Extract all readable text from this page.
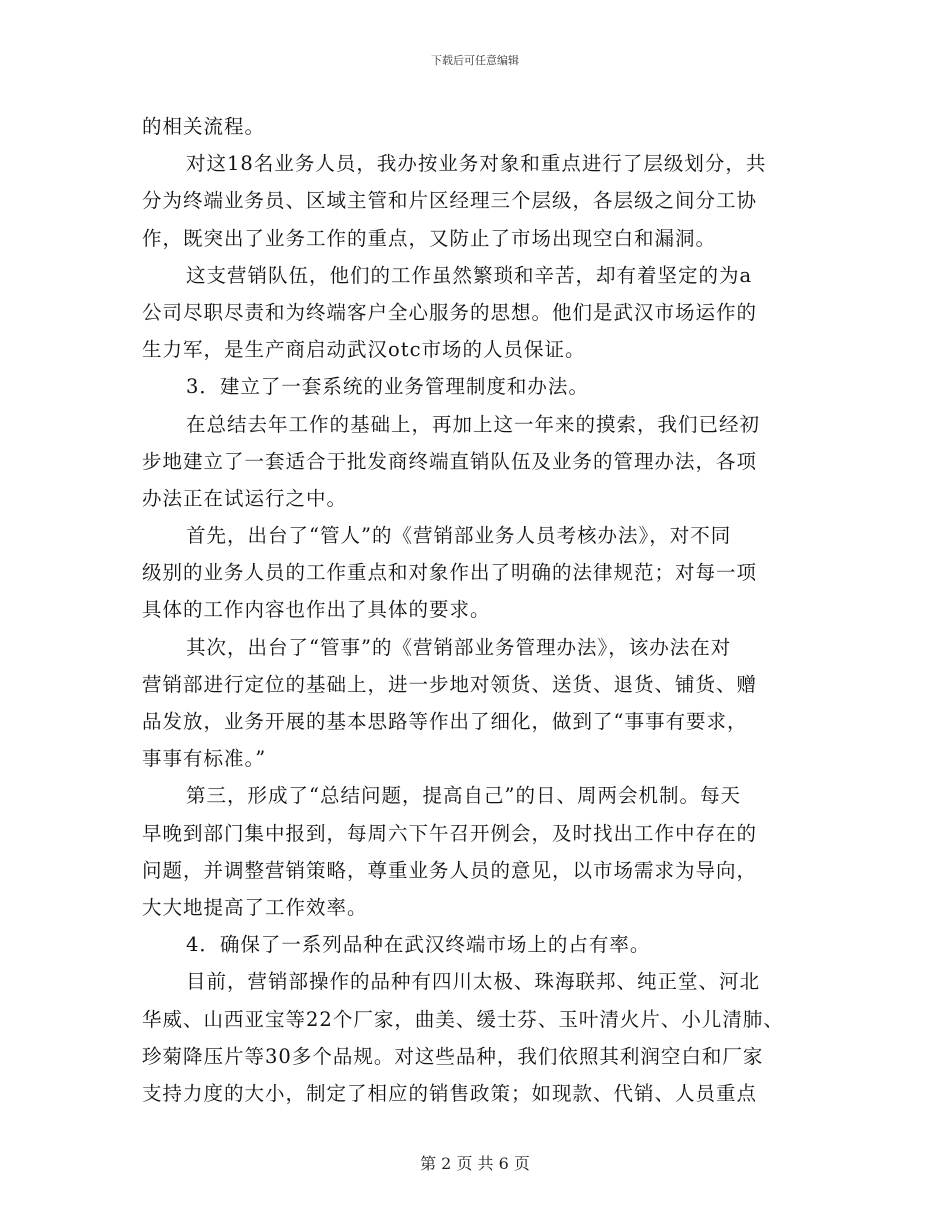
下载后可任意编辑
的相关流程。
对这18名业务人员，我办按业务对象和重点进行了层级划分，共
分为终端业务员、区域主管和片区经理三个层级，各层级之间分工协
作，既突出了业务工作的重点，又防止了市场出现空白和漏洞。
这支营销队伍，他们的工作虽然繁琐和辛苦，却有着坚定的为a
公司尽职尽责和为终端客户全心服务的思想。他们是武汉市场运作的
生力军，是生产商启动武汉otc市场的人员保证。
3．建立了一套系统的业务管理制度和办法。
在总结去年工作的基础上，再加上这一年来的摸索，我们已经初
步地建立了一套适合于批发商终端直销队伍及业务的管理办法，各项
办法正在试运行之中。
首先，出台了“管人”的《营销部业务人员考核办法》，对不同
级别的业务人员的工作重点和对象作出了明确的法律规范；对每一项
具体的工作内容也作出了具体的要求。
其次，出台了“管事”的《营销部业务管理办法》，该办法在对
营销部进行定位的基础上，进一步地对领货、送货、退货、铺货、赠
品发放，业务开展的基本思路等作出了细化，做到了“事事有要求，
事事有标准。”
第三，形成了“总结问题，提高自己”的日、周两会机制。每天
早晚到部门集中报到，每周六下午召开例会，及时找出工作中存在的
问题，并调整营销策略，尊重业务人员的意见，以市场需求为导向，
大大地提高了工作效率。
4．确保了一系列品种在武汉终端市场上的占有率。
目前，营销部操作的品种有四川太极、珠海联邦、纯正堂、河北
华威、山西亚宝等22个厂家，曲美、缓士芬、玉叶清火片、小儿清肺、
珍菊降压片等30多个品规。对这些品种，我们依照其利润空白和厂家
支持力度的大小，制定了相应的销售政策；如现款、代销、人员重点
第 2 页 共 6 页
